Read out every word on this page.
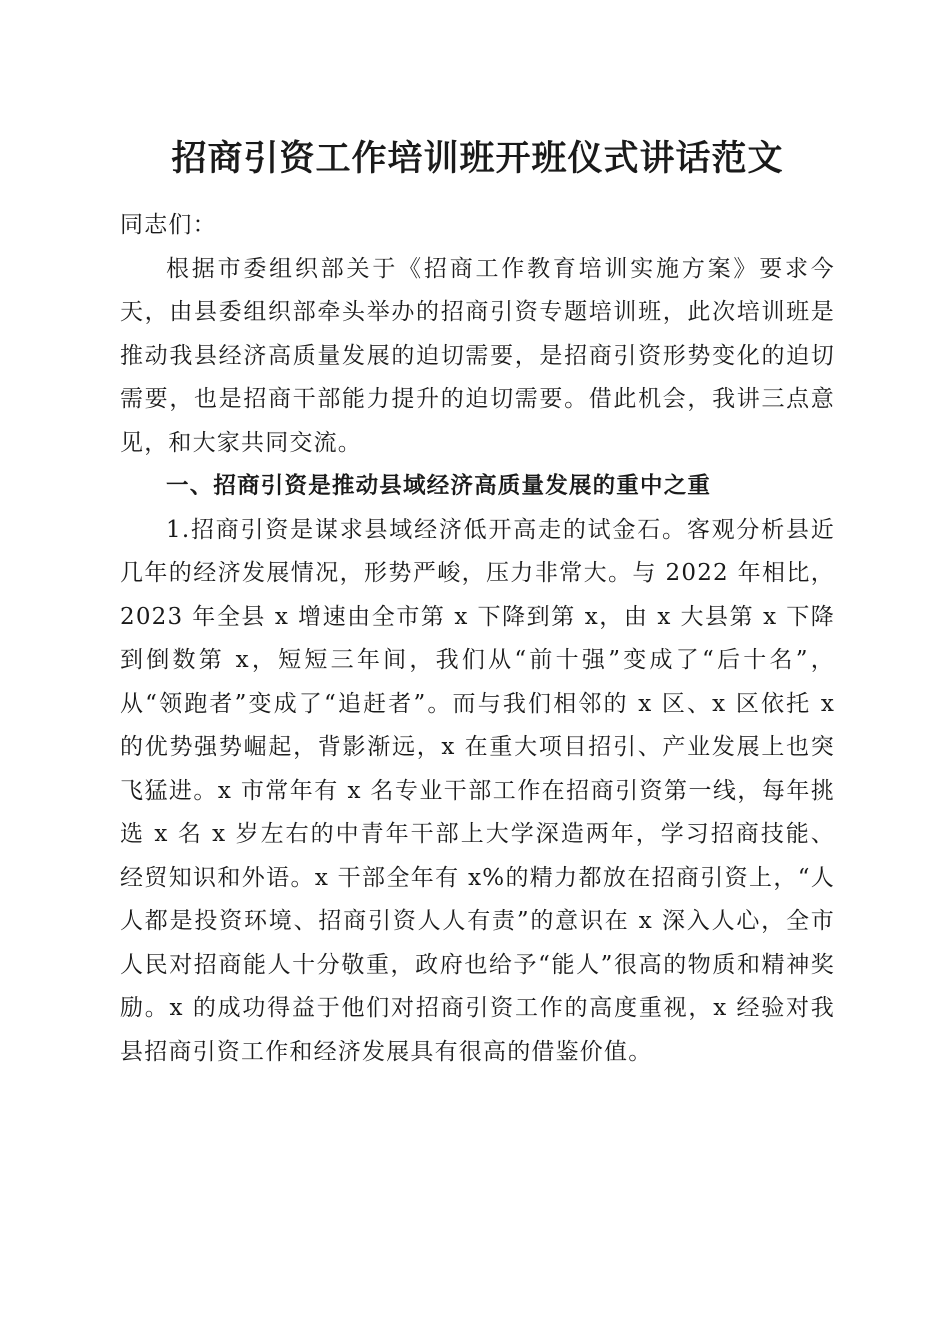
招商引资工作培训班开班仪式讲话范文

同志们：

根据市委组织部关于《招商工作教育培训实施方案》要求今天，由县委组织部牵头举办的招商引资专题培训班，此次培训班是推动我县经济高质量发展的迫切需要，是招商引资形势变化的迫切需要，也是招商干部能力提升的迫切需要。借此机会，我讲三点意见，和大家共同交流。

一、招商引资是推动县域经济高质量发展的重中之重

1.招商引资是谋求县域经济低开高走的试金石。客观分析县近几年的经济发展情况，形势严峻，压力非常大。与 2022 年相比，2023 年全县 x 增速由全市第 x 下降到第 x，由 x 大县第 x 下降到倒数第 x，短短三年间，我们从“前十强”变成了“后十名”，从“领跑者”变成了“追赶者”。而与我们相邻的 x 区、x 区依托 x 的优势强势崛起，背影渐远，x 在重大项目招引、产业发展上也突飞猛进。x 市常年有 x 名专业干部工作在招商引资第一线，每年挑选 x 名 x 岁左右的中青年干部上大学深造两年，学习招商技能、经贸知识和外语。x 干部全年有 x%的精力都放在招商引资上，“人人都是投资环境、招商引资人人有责”的意识在 x 深入人心，全市人民对招商能人十分敬重，政府也给予“能人”很高的物质和精神奖励。x 的成功得益于他们对招商引资工作的高度重视，x 经验对我县招商引资工作和经济发展具有很高的借鉴价值。
